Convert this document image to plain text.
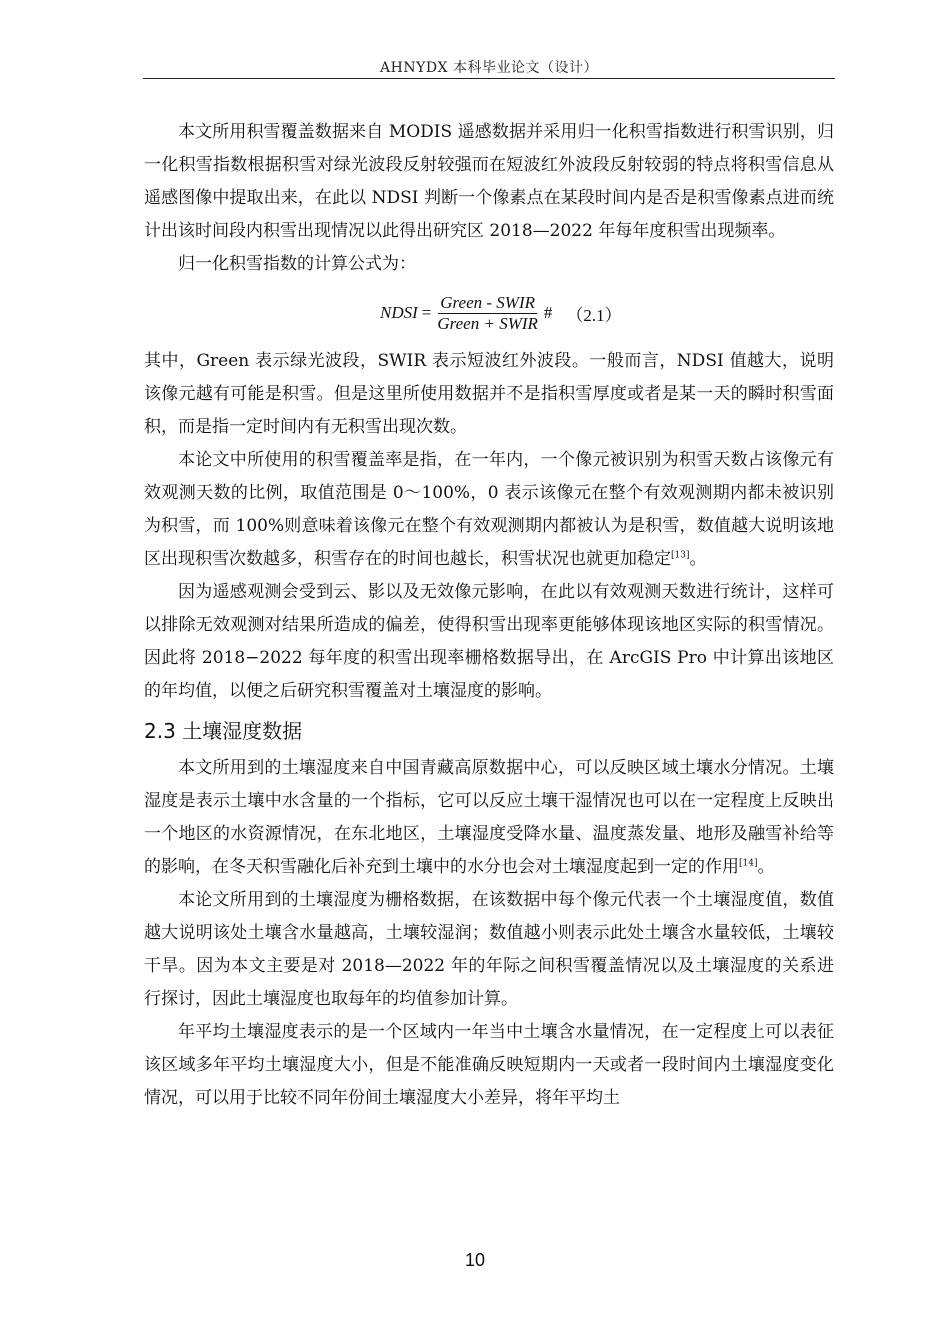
AHNYDX 本科毕业论文（设计）

本文所用积雪覆盖数据来自 MODIS 遥感数据并采用归一化积雪指数进行积雪识别，归一化积雪指数根据积雪对绿光波段反射较强而在短波红外波段反射较弱的特点将积雪信息从遥感图像中提取出来，在此以 NDSI 判断一个像素点在某段时间内是否是积雪像素点进而统计出该时间段内积雪出现情况以此得出研究区 2018—2022 年每年度积雪出现频率。

归一化积雪指数的计算公式为：

NDSI = $\frac{\text{Green - SWIR}}{\text{Green + SWIR}}$ # （2.1）

其中，Green 表示绿光波段，SWIR 表示短波红外波段。一般而言，NDSI 值越大，说明该像元越有可能是积雪。但是这里所使用数据并不是指积雪厚度或者是某一天的瞬时积雪面积，而是指一定时间内有无积雪出现次数。

本论文中所使用的积雪覆盖率是指，在一年内，一个像元被识别为积雪天数占该像元有效观测天数的比例，取值范围是 0～100%，0 表示该像元在整个有效观测期内都未被识别为积雪，而 100%则意味着该像元在整个有效观测期内都被认为是积雪，数值越大说明该地区出现积雪次数越多，积雪存在的时间也越长，积雪状况也就更加稳定[13]。

因为遥感观测会受到云、影以及无效像元影响，在此以有效观测天数进行统计，这样可以排除无效观测对结果所造成的偏差，使得积雪出现率更能够体现该地区实际的积雪情况。因此将 2018−2022 每年度的积雪出现率栅格数据导出，在 ArcGIS Pro 中计算出该地区的年均值，以便之后研究积雪覆盖对土壤湿度的影响。

2.3 土壤湿度数据

本文所用到的土壤湿度来自中国青藏高原数据中心，可以反映区域土壤水分情况。土壤湿度是表示土壤中水含量的一个指标，它可以反应土壤干湿情况也可以在一定程度上反映出一个地区的水资源情况，在东北地区，土壤湿度受降水量、温度蒸发量、地形及融雪补给等的影响，在冬天积雪融化后补充到土壤中的水分也会对土壤湿度起到一定的作用[14]。

本论文所用到的土壤湿度为栅格数据，在该数据中每个像元代表一个土壤湿度值，数值越大说明该处土壤含水量越高，土壤较湿润；数值越小则表示此处土壤含水量较低，土壤较干旱。因为本文主要是对 2018—2022 年的年际之间积雪覆盖情况以及土壤湿度的关系进行探讨，因此土壤湿度也取每年的均值参加计算。

年平均土壤湿度表示的是一个区域内一年当中土壤含水量情况，在一定程度上可以表征该区域多年平均土壤湿度大小，但是不能准确反映短期内一天或者一段时间内土壤湿度变化情况，可以用于比较不同年份间土壤湿度大小差异，将年平均土

10
